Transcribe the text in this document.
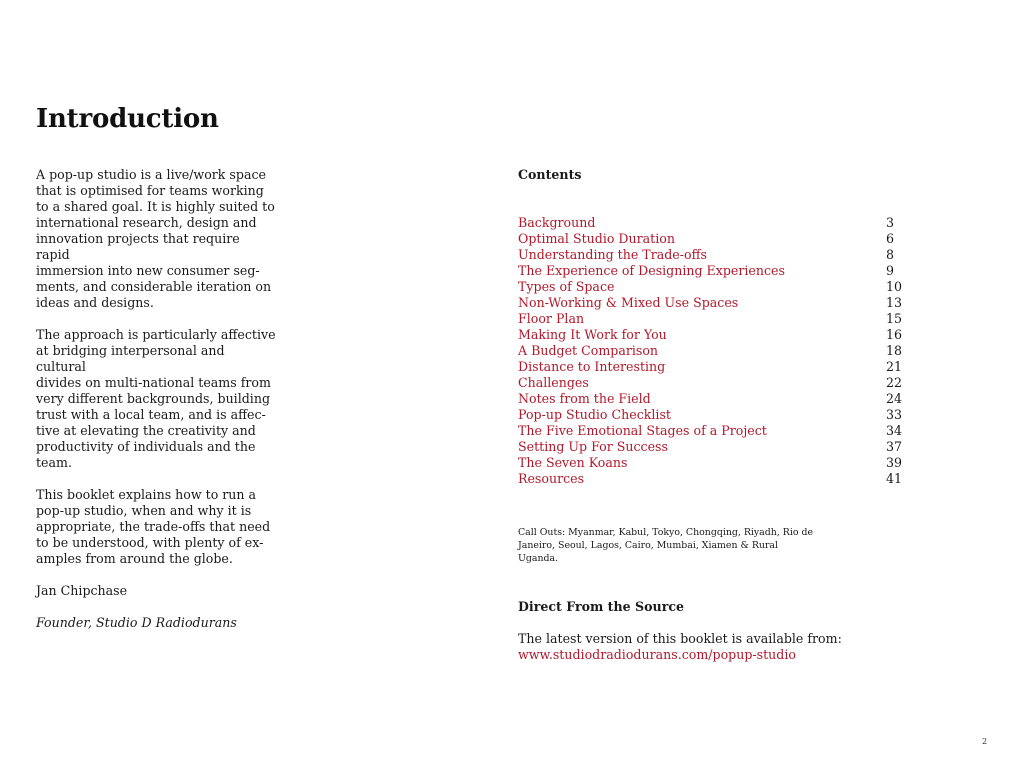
Introduction

A pop-up studio is a live/work space
that is optimised for teams working
to a shared goal. It is highly suited to
international research, design and
innovation projects that require rapid
immersion into new consumer seg-
ments, and considerable iteration on
ideas and designs.

The approach is particularly affective
at bridging interpersonal and cultural
divides on multi-national teams from
very different backgrounds, building
trust with a local team, and is affec-
tive at elevating the creativity and
productivity of individuals and the
team.

This booklet explains how to run a
pop-up studio, when and why it is
appropriate, the trade-offs that need
to be understood, with plenty of ex-
amples from around the globe.

Jan Chipchase
Founder, Studio D Radiodurans
Contents
Background	3
Optimal Studio Duration	6
Understanding the Trade-offs	8
The Experience of Designing Experiences	9
Types of Space	10
Non-Working & Mixed Use Spaces	13
Floor Plan	15
Making It Work for You	16
A Budget Comparison	18
Distance to Interesting	21
Challenges	22
Notes from the Field	24
Pop-up Studio Checklist	33
The Five Emotional Stages of a Project	34
Setting Up For Success	37
The Seven Koans	39
Resources	41
Call Outs: Myanmar, Kabul, Tokyo, Chongqing, Riyadh, Rio de Janeiro, Seoul, Lagos, Cairo, Mumbai, Xiamen & Rural Uganda.
Direct From the Source
The latest version of this booklet is available from:
www.studiodradiodurans.com/popup-studio
2
